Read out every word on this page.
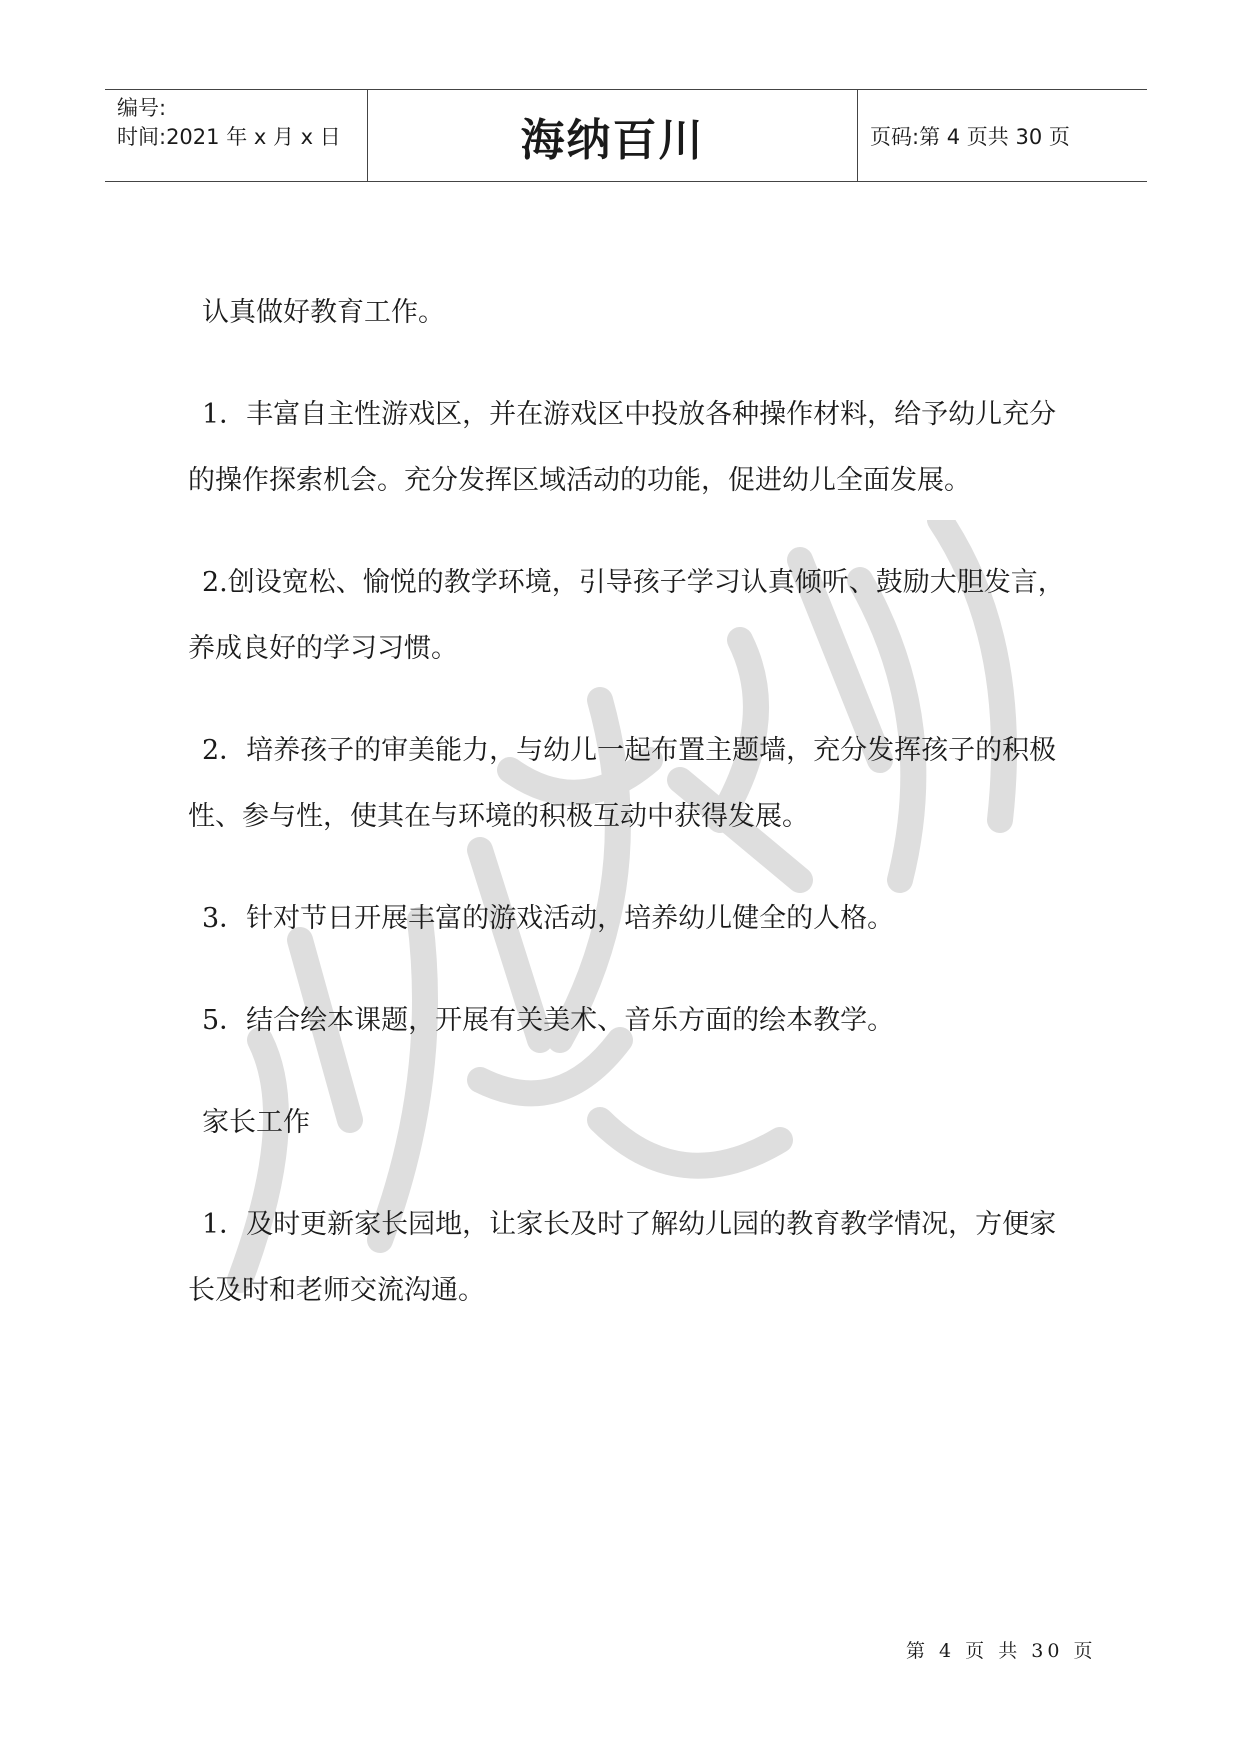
编号:
时间:2021 年 x 月 x 日	海纳百川	页码:第 4 页共 30 页

认真做好教育工作。

1．丰富自主性游戏区，并在游戏区中投放各种操作材料，给予幼儿充分的操作探索机会。充分发挥区域活动的功能，促进幼儿全面发展。

2.创设宽松、愉悦的教学环境，引导孩子学习认真倾听、鼓励大胆发言，养成良好的学习习惯。

2．培养孩子的审美能力，与幼儿一起布置主题墙，充分发挥孩子的积极性、参与性，使其在与环境的积极互动中获得发展。

3．针对节日开展丰富的游戏活动，培养幼儿健全的人格。

5．结合绘本课题，开展有关美术、音乐方面的绘本教学。

家长工作

1．及时更新家长园地，让家长及时了解幼儿园的教育教学情况，方便家长及时和老师交流沟通。

第 4 页 共 30 页
